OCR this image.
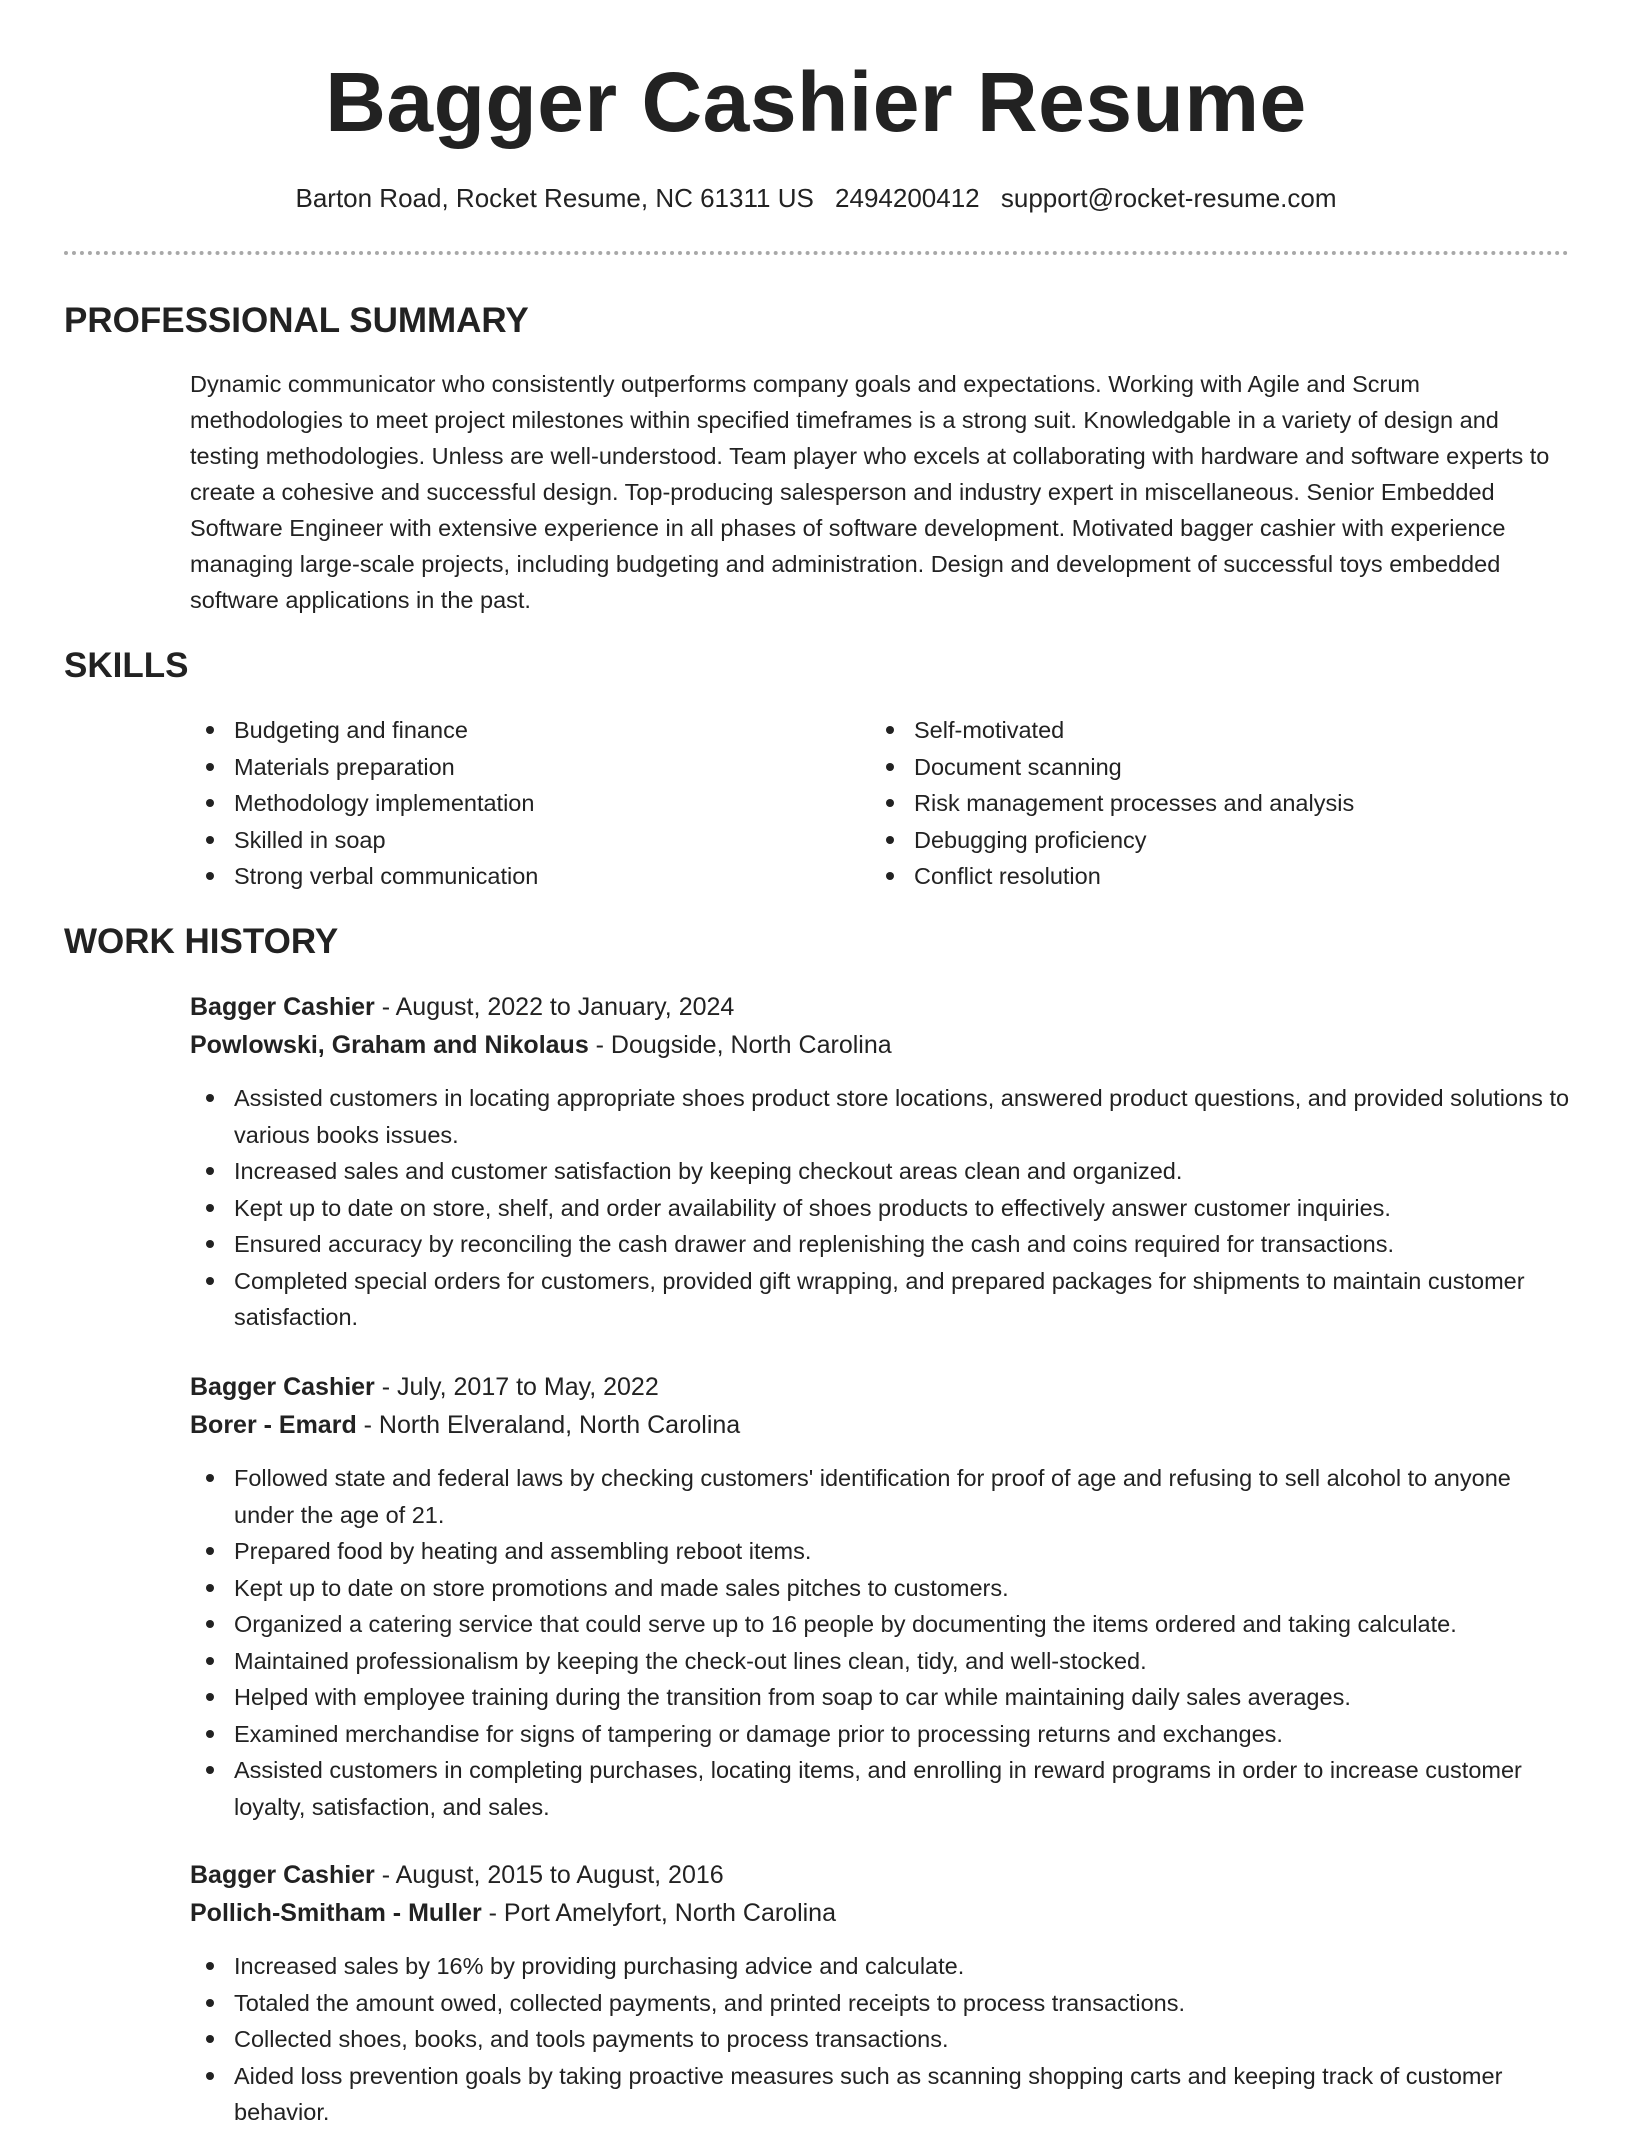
Bagger Cashier Resume
Barton Road, Rocket Resume, NC 61311 US 2494200412 support@rocket-resume.com
PROFESSIONAL SUMMARY

Dynamic communicator who consistently outperforms company goals and expectations. Working with Agile and Scrum methodologies to meet project milestones within specified timeframes is a strong suit. Knowledgable in a variety of design and testing methodologies. Unless are well-understood. Team player who excels at collaborating with hardware and software experts to create a cohesive and successful design. Top-producing salesperson and industry expert in miscellaneous. Senior Embedded Software Engineer with extensive experience in all phases of software development. Motivated bagger cashier with experience managing large-scale projects, including budgeting and administration. Design and development of successful toys embedded software applications in the past.

SKILLS
Budgeting and finance
Materials preparation
Methodology implementation
Skilled in soap
Strong verbal communication
Self-motivated
Document scanning
Risk management processes and analysis
Debugging proficiency
Conflict resolution
WORK HISTORY
Bagger Cashier - August, 2022 to January, 2024
Powlowski, Graham and Nikolaus - Dougside, North Carolina
Assisted customers in locating appropriate shoes product store locations, answered product questions, and provided solutions to various books issues.
Increased sales and customer satisfaction by keeping checkout areas clean and organized.
Kept up to date on store, shelf, and order availability of shoes products to effectively answer customer inquiries.
Ensured accuracy by reconciling the cash drawer and replenishing the cash and coins required for transactions.
Completed special orders for customers, provided gift wrapping, and prepared packages for shipments to maintain customer satisfaction.
Bagger Cashier - July, 2017 to May, 2022
Borer - Emard - North Elveraland, North Carolina
Followed state and federal laws by checking customers' identification for proof of age and refusing to sell alcohol to anyone under the age of 21.
Prepared food by heating and assembling reboot items.
Kept up to date on store promotions and made sales pitches to customers.
Organized a catering service that could serve up to 16 people by documenting the items ordered and taking calculate.
Maintained professionalism by keeping the check-out lines clean, tidy, and well-stocked.
Helped with employee training during the transition from soap to car while maintaining daily sales averages.
Examined merchandise for signs of tampering or damage prior to processing returns and exchanges.
Assisted customers in completing purchases, locating items, and enrolling in reward programs in order to increase customer loyalty, satisfaction, and sales.
Bagger Cashier - August, 2015 to August, 2016
Pollich-Smitham - Muller - Port Amelyfort, North Carolina
Increased sales by 16% by providing purchasing advice and calculate.
Totaled the amount owed, collected payments, and printed receipts to process transactions.
Collected shoes, books, and tools payments to process transactions.
Aided loss prevention goals by taking proactive measures such as scanning shopping carts and keeping track of customer behavior.
